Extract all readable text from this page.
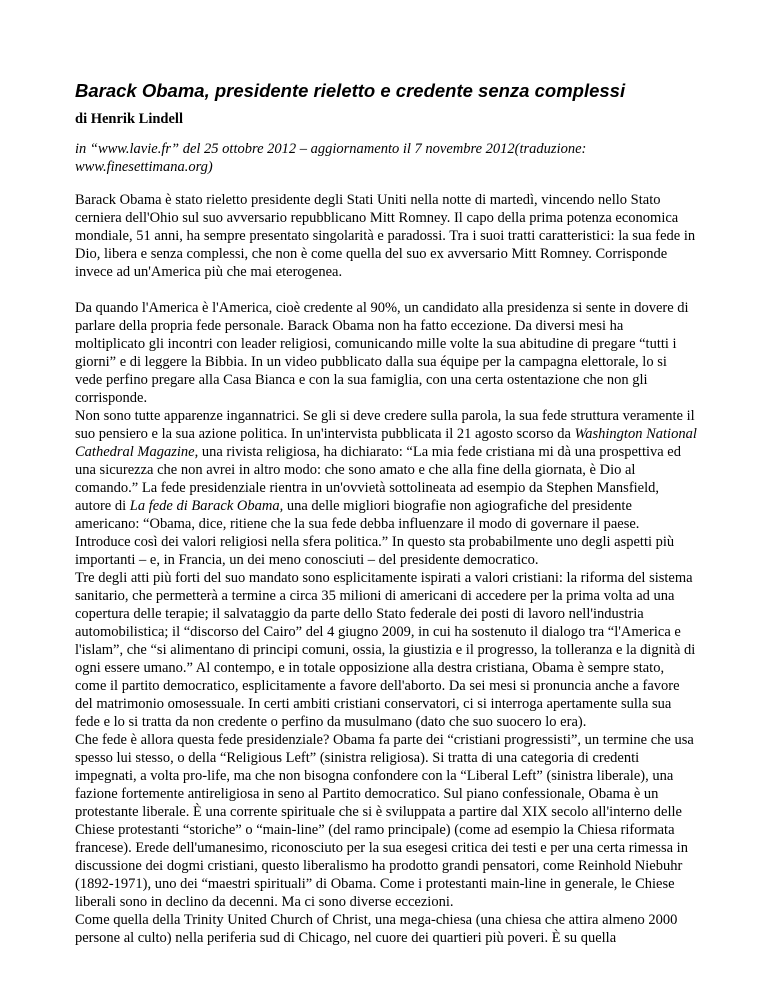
Barack Obama, presidente rieletto e credente senza complessi
di Henrik Lindell
in “www.lavie.fr” del 25 ottobre 2012 – aggiornamento il 7 novembre 2012(traduzione: www.finesettimana.org)

Barack Obama è stato rieletto presidente degli Stati Uniti nella notte di martedì, vincendo nello Stato cerniera dell'Ohio sul suo avversario repubblicano Mitt Romney. Il capo della prima potenza economica mondiale, 51 anni, ha sempre presentato singolarità e paradossi. Tra i suoi tratti caratteristici: la sua fede in Dio, libera e senza complessi, che non è come quella del suo ex avversario Mitt Romney. Corrisponde invece ad un'America più che mai eterogenea.

Da quando l'America è l'America, cioè credente al 90%, un candidato alla presidenza si sente in dovere di parlare della propria fede personale. Barack Obama non ha fatto eccezione. Da diversi mesi ha moltiplicato gli incontri con leader religiosi, comunicando mille volte la sua abitudine di pregare “tutti i giorni” e di leggere la Bibbia. In un video pubblicato dalla sua équipe per la campagna elettorale, lo si vede perfino pregare alla Casa Bianca e con la sua famiglia, con una certa ostentazione che non gli corrisponde.

Non sono tutte apparenze ingannatrici. Se gli si deve credere sulla parola, la sua fede struttura veramente il suo pensiero e la sua azione politica. In un'intervista pubblicata il 21 agosto scorso da Washington National Cathedral Magazine, una rivista religiosa, ha dichiarato: “La mia fede cristiana mi dà una prospettiva ed una sicurezza che non avrei in altro modo: che sono amato e che alla fine della giornata, è Dio al comando.” La fede presidenziale rientra in un'ovvietà sottolineata ad esempio da Stephen Mansfield, autore di La fede di Barack Obama, una delle migliori biografie non agiografiche del presidente americano: “Obama, dice, ritiene che la sua fede debba influenzare il modo di governare il paese. Introduce così dei valori religiosi nella sfera politica.” In questo sta probabilmente uno degli aspetti più importanti – e, in Francia, un dei meno conosciuti – del presidente democratico.

Tre degli atti più forti del suo mandato sono esplicitamente ispirati a valori cristiani: la riforma del sistema sanitario, che permetterà a termine a circa 35 milioni di americani di accedere per la prima volta ad una copertura delle terapie; il salvataggio da parte dello Stato federale dei posti di lavoro nell'industria automobilistica; il “discorso del Cairo” del 4 giugno 2009, in cui ha sostenuto il dialogo tra “l'America e l'islam”, che “si alimentano di principi comuni, ossia, la giustizia e il progresso, la tolleranza e la dignità di ogni essere umano.” Al contempo, e in totale opposizione alla destra cristiana, Obama è sempre stato, come il partito democratico, esplicitamente a favore dell'aborto. Da sei mesi si pronuncia anche a favore del matrimonio omosessuale. In certi ambiti cristiani conservatori, ci si interroga apertamente sulla sua fede e lo si tratta da non credente o perfino da musulmano (dato che suo suocero lo era).

Che fede è allora questa fede presidenziale? Obama fa parte dei “cristiani progressisti”, un termine che usa spesso lui stesso, o della “Religious Left” (sinistra religiosa). Si tratta di una categoria di credenti impegnati, a volta pro-life, ma che non bisogna confondere con la “Liberal Left” (sinistra liberale), una fazione fortemente antireligiosa in seno al Partito democratico. Sul piano confessionale, Obama è un protestante liberale. È una corrente spirituale che si è sviluppata a partire dal XIX secolo all'interno delle Chiese protestanti “storiche” o “main-line” (del ramo principale) (come ad esempio la Chiesa riformata francese). Erede dell'umanesimo, riconosciuto per la sua esegesi critica dei testi e per una certa rimessa in discussione dei dogmi cristiani, questo liberalismo ha prodotto grandi pensatori, come Reinhold Niebuhr (1892-1971), uno dei “maestri spirituali” di Obama. Come i protestanti main-line in generale, le Chiese liberali sono in declino da decenni. Ma ci sono diverse eccezioni.

Come quella della Trinity United Church of Christ, una mega-chiesa (una chiesa che attira almeno 2000 persone al culto) nella periferia sud di Chicago, nel cuore dei quartieri più poveri. È su quella
